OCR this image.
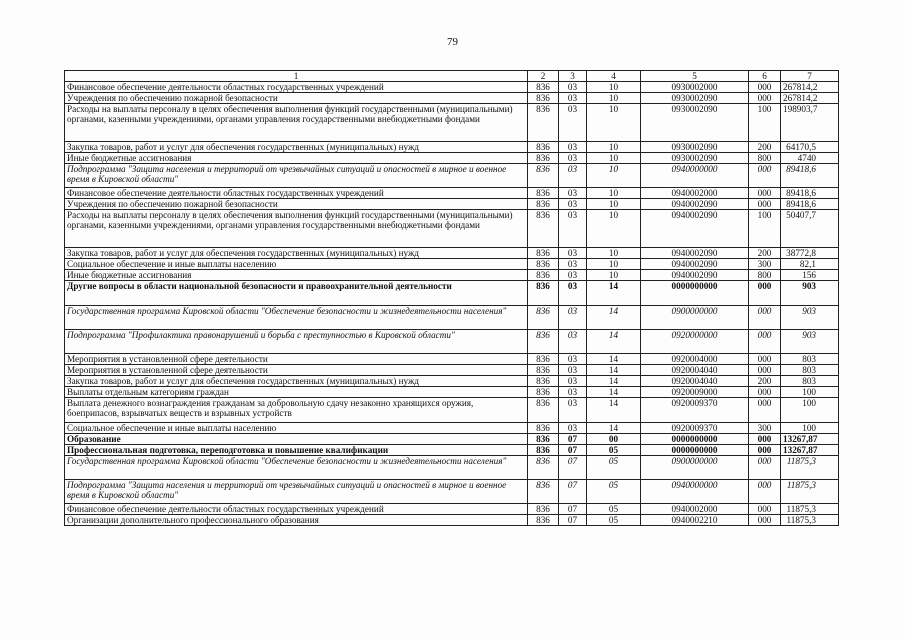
79
1	2	3	4	5	6	7
Финансовое обеспечение деятельности областных государственных учреждений	836	03	10	0930002000	000	267814,2
Учреждения по обеспечению пожарной безопасности	836	03	10	0930002090	000	267814,2
Расходы на выплаты персоналу в целях обеспечения выполнения функций государственными (муниципальными) органами, казенными учреждениями, органами управления государственными внебюджетными фондами	836	03	10	0930002090	100	198903,7
Закупка товаров, работ и услуг для обеспечения государственных (муниципальных) нужд	836	03	10	0930002090	200	64170,5
Иные бюджетные ассигнования	836	03	10	0930002090	800	4740
Подпрограмма "Защита населения и территорий от чрезвычайных ситуаций и опасностей в мирное и военное время в Кировской области"	836	03	10	0940000000	000	89418,6
Финансовое обеспечение деятельности областных государственных учреждений	836	03	10	0940002000	000	89418,6
Учреждения по обеспечению пожарной безопасности	836	03	10	0940002090	000	89418,6
Расходы на выплаты персоналу в целях обеспечения выполнения функций государственными (муниципальными) органами, казенными учреждениями, органами управления государственными внебюджетными фондами	836	03	10	0940002090	100	50407,7
Закупка товаров, работ и услуг для обеспечения государственных (муниципальных) нужд	836	03	10	0940002090	200	38772,8
Социальное обеспечение и иные выплаты населению	836	03	10	0940002090	300	82,1
Иные бюджетные ассигнования	836	03	10	0940002090	800	156
Другие вопросы в области национальной безопасности и правоохранительной деятельности	836	03	14	0000000000	000	903
Государственная программа Кировской области "Обеспечение безопасности и жизнедеятельности населения"	836	03	14	0900000000	000	903
Подпрограмма "Профилактика правонарушений и борьба с преступностью в Кировской области"	836	03	14	0920000000	000	903
Мероприятия в установленной сфере деятельности	836	03	14	0920004000	000	803
Мероприятия в установленной сфере деятельности	836	03	14	0920004040	000	803
Закупка товаров, работ и услуг для обеспечения государственных (муниципальных) нужд	836	03	14	0920004040	200	803
Выплаты отдельным категориям граждан	836	03	14	0920009000	000	100
Выплата денежного вознаграждения гражданам за добровольную сдачу незаконно хранящихся оружия, боеприпасов, взрывчатых веществ и взрывных устройств	836	03	14	0920009370	000	100
Социальное обеспечение и иные выплаты населению	836	03	14	0920009370	300	100
Образование	836	07	00	0000000000	000	13267,87
Профессиональная подготовка, переподготовка и повышение квалификации	836	07	05	0000000000	000	13267,87
Государственная программа Кировской области "Обеспечение безопасности и жизнедеятельности населения"	836	07	05	0900000000	000	11875,3
Подпрограмма "Защита населения и территорий от чрезвычайных ситуаций и опасностей в мирное и военное время в Кировской области"	836	07	05	0940000000	000	11875,3
Финансовое обеспечение деятельности областных государственных учреждений	836	07	05	0940002000	000	11875,3
Организации дополнительного профессионального образования	836	07	05	0940002210	000	11875,3
